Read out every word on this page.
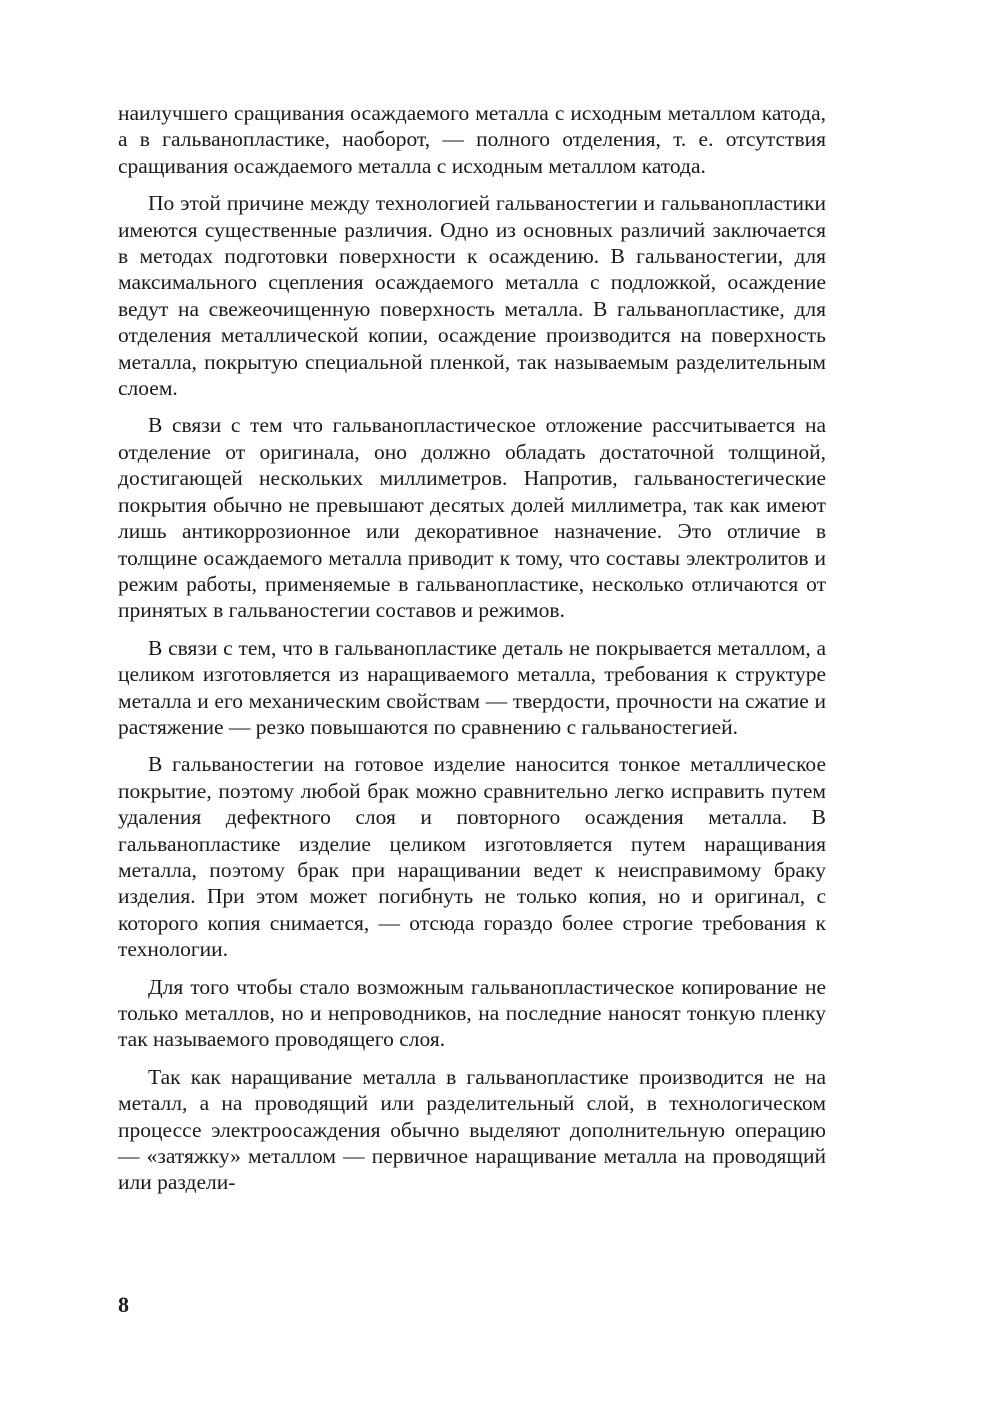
наилучшего сращивания осаждаемого металла с исходным металлом катода, а в гальванопластике, наоборот, — полного отделения, т. е. отсутствия сращивания осаждаемого металла с исходным металлом катода.

По этой причине между технологией гальваностегии и гальванопластики имеются существенные различия. Одно из основных различий заключается в методах подготовки поверхности к осаждению. В гальваностегии, для максимального сцепления осаждаемого металла с подложкой, осаждение ведут на свежеочищенную поверхность металла. В гальванопластике, для отделения металлической копии, осаждение производится на поверхность металла, покрытую специальной пленкой, так называемым разделительным слоем.

В связи с тем что гальванопластическое отложение рассчитывается на отделение от оригинала, оно должно обладать достаточной толщиной, достигающей нескольких миллиметров. Напротив, гальваностегические покрытия обычно не превышают десятых долей миллиметра, так как имеют лишь антикоррозионное или декоративное назначение. Это отличие в толщине осаждаемого металла приводит к тому, что составы электролитов и режим работы, применяемые в гальванопластике, несколько отличаются от принятых в гальваностегии составов и режимов.

В связи с тем, что в гальванопластике деталь не покрывается металлом, а целиком изготовляется из наращиваемого металла, требования к структуре металла и его механическим свойствам — твердости, прочности на сжатие и растяжение — резко повышаются по сравнению с гальваностегией.

В гальваностегии на готовое изделие наносится тонкое металлическое покрытие, поэтому любой брак можно сравнительно легко исправить путем удаления дефектного слоя и повторного осаждения металла. В гальванопластике изделие целиком изготовляется путем наращивания металла, поэтому брак при наращивании ведет к неисправимому браку изделия. При этом может погибнуть не только копия, но и оригинал, с которого копия снимается, — отсюда гораздо более строгие требования к технологии.

Для того чтобы стало возможным гальванопластическое копирование не только металлов, но и непроводников, на последние наносят тонкую пленку так называемого проводящего слоя.

Так как наращивание металла в гальванопластике производится не на металл, а на проводящий или разделительный слой, в технологическом процессе электроосаждения обычно выделяют дополнительную операцию — «затяжку» металлом — первичное наращивание металла на проводящий или раздели-

8
